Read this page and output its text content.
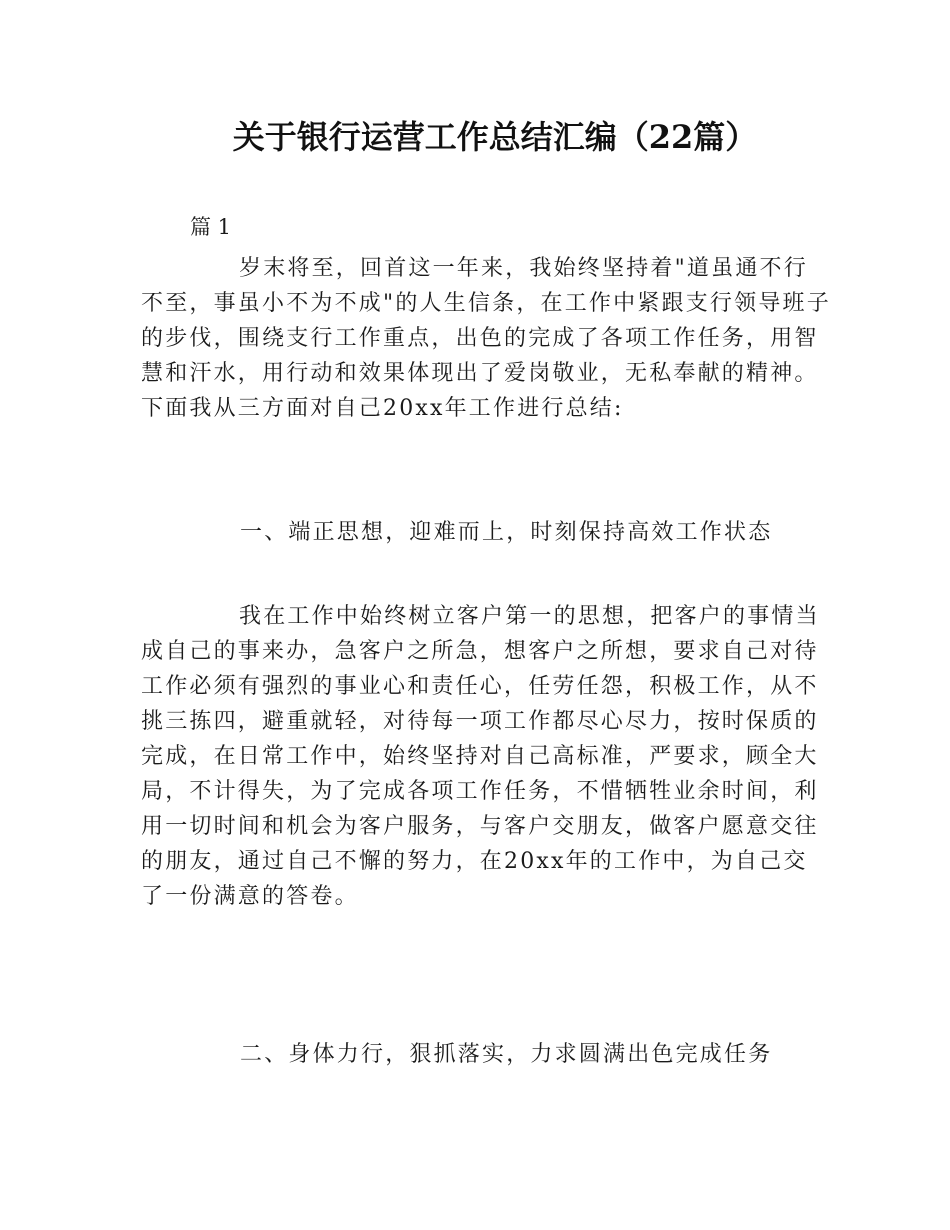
关于银行运营工作总结汇编（22篇）

篇 1

岁末将至，回首这一年来，我始终坚持着"道虽通不行不至，事虽小不为不成"的人生信条，在工作中紧跟支行领导班子的步伐，围绕支行工作重点，出色的完成了各项工作任务，用智慧和汗水，用行动和效果体现出了爱岗敬业，无私奉献的精神。下面我从三方面对自己20xx年工作进行总结:

一、端正思想，迎难而上，时刻保持高效工作状态

我在工作中始终树立客户第一的思想，把客户的事情当成自己的事来办，急客户之所急，想客户之所想，要求自己对待工作必须有强烈的事业心和责任心，任劳任怨，积极工作，从不挑三拣四，避重就轻，对待每一项工作都尽心尽力，按时保质的完成，在日常工作中，始终坚持对自己高标准，严要求，顾全大局，不计得失，为了完成各项工作任务，不惜牺牲业余时间，利用一切时间和机会为客户服务，与客户交朋友，做客户愿意交往的朋友，通过自己不懈的努力，在20xx年的工作中，为自己交了一份满意的答卷。

二、身体力行，狠抓落实，力求圆满出色完成任务
